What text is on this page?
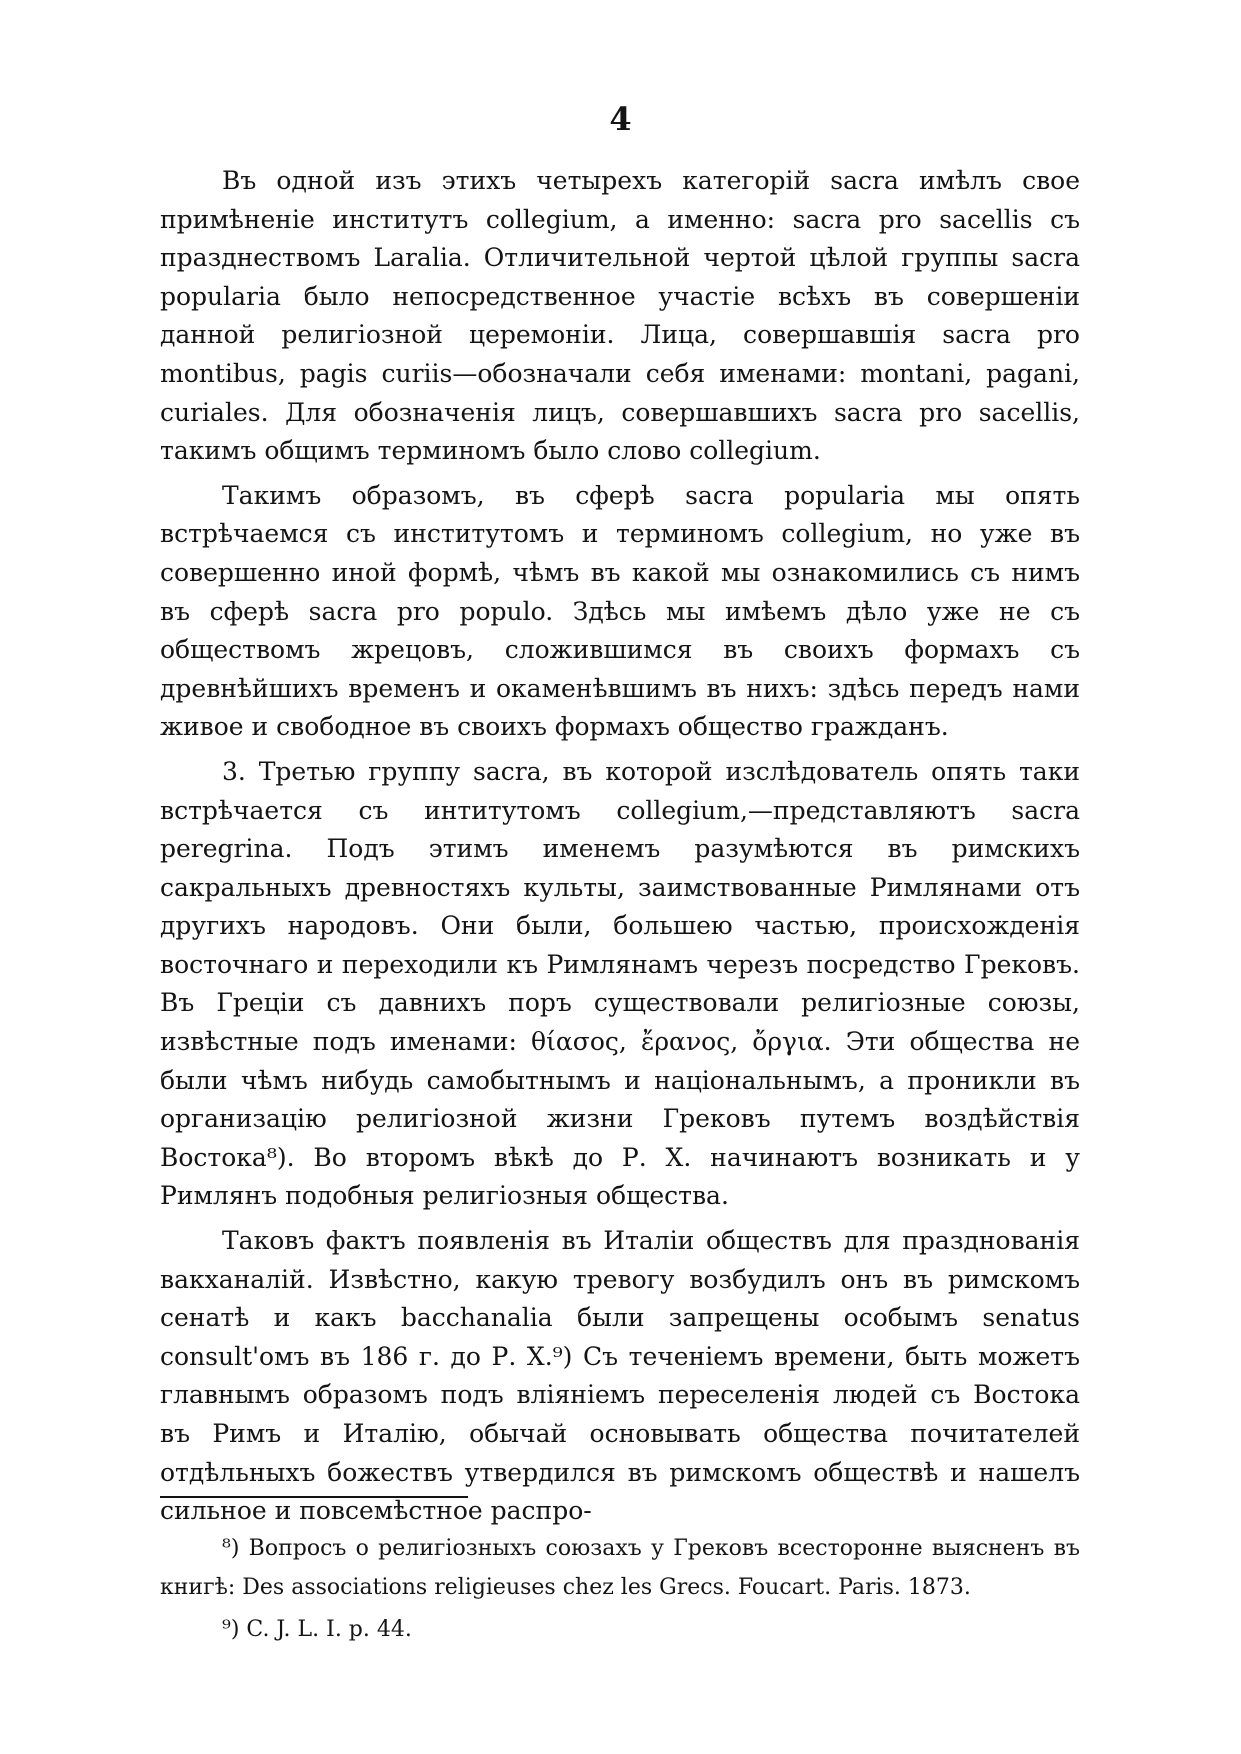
4

Въ одной изъ этихъ четырехъ категорій sacra имѣлъ свое примѣненіе институтъ collegium, а именно: sacra pro sacellis съ празднествомъ Laralia. Отличительной чертой цѣлой группы sacra popularia было непосредственное участіе всѣхъ въ совершеніи данной религіозной церемоніи. Лица, совершавшія sacra pro montibus, pagis curiis—обозначали себя именами: montani, pagani, curiales. Для обозначенія лицъ, совершавшихъ sacra pro sacellis, такимъ общимъ терминомъ было слово collegium.

Такимъ образомъ, въ сферѣ sacra popularia мы опять встрѣчаемся съ институтомъ и терминомъ collegium, но уже въ совершенно иной формѣ, чѣмъ въ какой мы ознакомились съ нимъ въ сферѣ sacra pro populo. Здѣсь мы имѣемъ дѣло уже не съ обществомъ жрецовъ, сложившимся въ своихъ формахъ съ древнѣйшихъ временъ и окаменѣвшимъ въ нихъ: здѣсь передъ нами живое и свободное въ своихъ формахъ общество гражданъ.

3. Третью группу sacra, въ которой изслѣдователь опять таки встрѣчается съ интитутомъ collegium,—представляютъ sacra peregrina. Подъ этимъ именемъ разумѣются въ римскихъ сакральныхъ древностяхъ культы, заимствованные Римлянами отъ другихъ народовъ. Они были, большею частью, происхожденія восточнаго и переходили къ Римлянамъ черезъ посредство Грековъ. Въ Греціи съ давнихъ поръ существовали религіозные союзы, извѣстные подъ именами: θίασος, ἔρανος, ὄργια. Эти общества не были чѣмъ нибудь самобытнымъ и національнымъ, а проникли въ организацію религіозной жизни Грековъ путемъ воздѣйствія Востока⁸). Во второмъ вѣкѣ до Р. Х. начинаютъ возникать и у Римлянъ подобныя религіозныя общества.

Таковъ фактъ появленія въ Италіи обществъ для празднованія вакханалій. Извѣстно, какую тревогу возбудилъ онъ въ римскомъ сенатѣ и какъ bacchanalia были запрещены особымъ senatus consult'омъ въ 186 г. до Р. Х.⁹) Съ теченіемъ времени, быть можетъ главнымъ образомъ подъ вліяніемъ переселенія людей съ Востока въ Римъ и Италію, обычай основывать общества почитателей отдѣльныхъ божествъ утвердился въ римскомъ обществѣ и нашелъ сильное и повсемѣстное распро-

⁸) Вопросъ о религіозныхъ союзахъ у Грековъ всесторонне выясненъ въ книгѣ: Des associations religieuses chez les Grecs. Foucart. Paris. 1873.

⁹) C. J. L. I. p. 44.
